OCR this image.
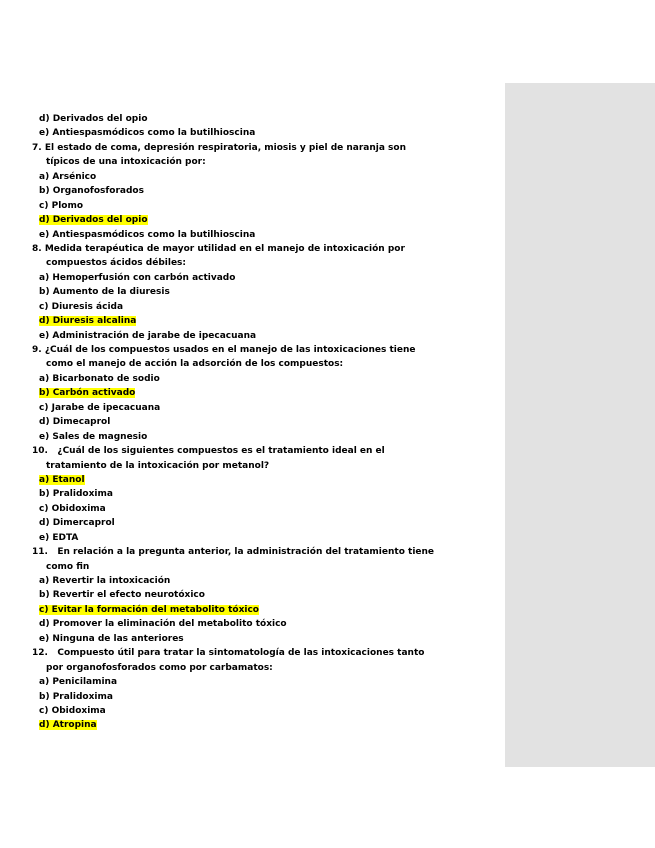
d) Derivados del opio
e) Antiespasmódicos como la butilhioscina
7. El estado de coma, depresión respiratoria, miosis y piel de naranja son
típicos de una intoxicación por:
a) Arsénico
b) Organofosforados
c) Plomo
d) Derivados del opio
e) Antiespasmódicos como la butilhioscina
8. Medida terapéutica de mayor utilidad en el manejo de intoxicación por
compuestos ácidos débiles:
a) Hemoperfusión con carbón activado
b) Aumento de la diuresis
c) Diuresis ácida
d) Diuresis alcalina
e) Administración de jarabe de ipecacuana
9. ¿Cuál de los compuestos usados en el manejo de las intoxicaciones tiene
como el manejo de acción la adsorción de los compuestos:
a) Bicarbonato de sodio
b) Carbón activado
c) Jarabe de ipecacuana
d) Dimecaprol
e) Sales de magnesio
10. ¿Cuál de los siguientes compuestos es el tratamiento ideal en el
tratamiento de la intoxicación por metanol?
a) Etanol
b) Pralidoxima
c) Obidoxima
d) Dimercaprol
e) EDTA
11. En relación a la pregunta anterior, la administración del tratamiento tiene
como fin
a) Revertir la intoxicación
b) Revertir el efecto neurotóxico
c) Evitar la formación del metabolito tóxico
d) Promover la eliminación del metabolito tóxico
e) Ninguna de las anteriores
12. Compuesto útil para tratar la sintomatología de las intoxicaciones tanto
por organofosforados como por carbamatos:
a) Penicilamina
b) Pralidoxima
c) Obidoxima
d) Atropina
